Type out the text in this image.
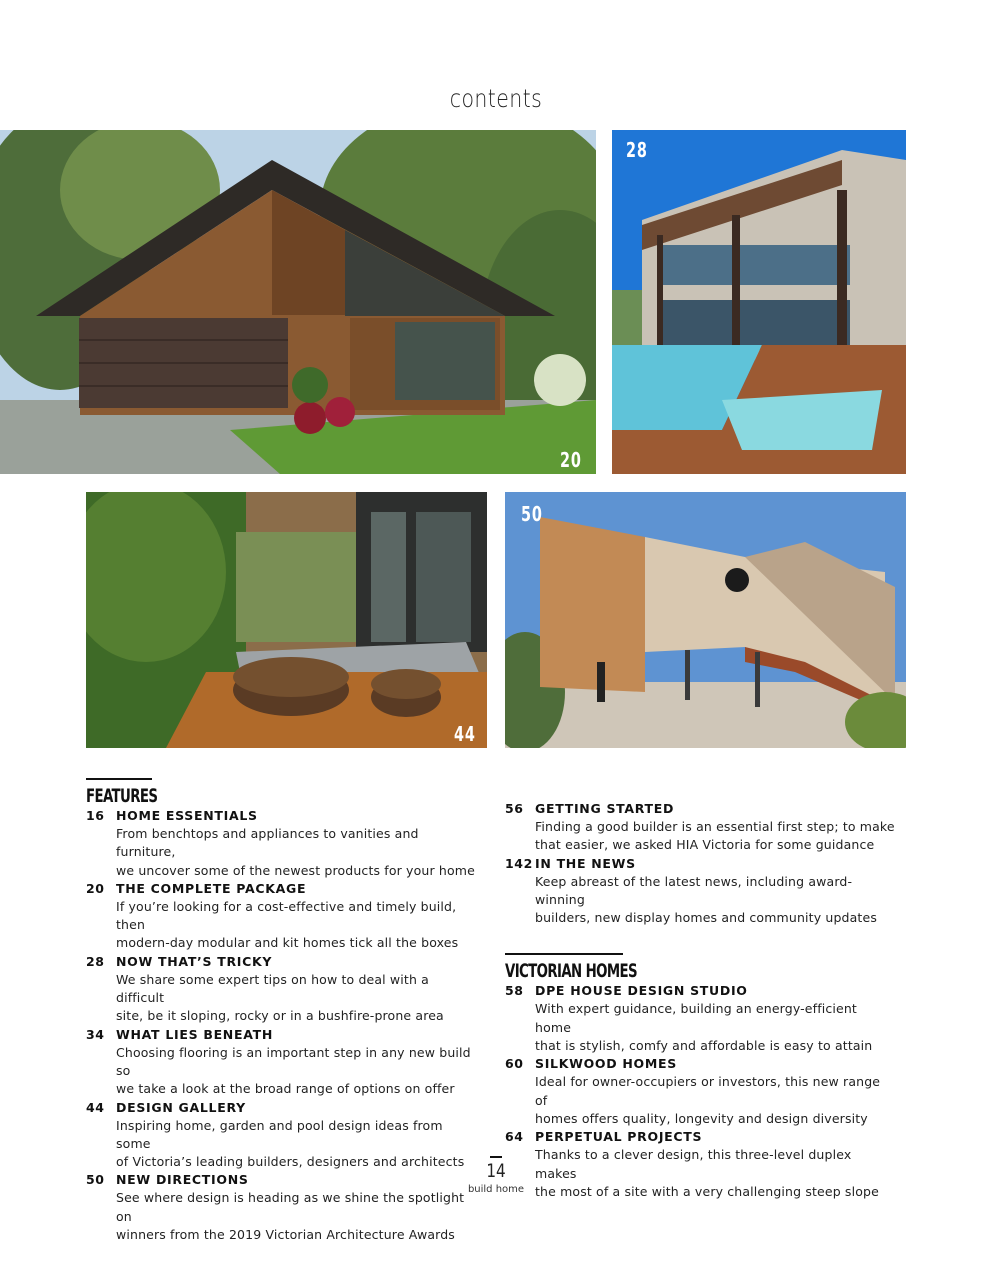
contents
20
28
44
50
FEATURES
16 HOME ESSENTIALS
From benchtops and appliances to vanities and furniture,
we uncover some of the newest products for your home
20 THE COMPLETE PACKAGE
If you’re looking for a cost-effective and timely build, then
modern-day modular and kit homes tick all the boxes
28 NOW THAT’S TRICKY
We share some expert tips on how to deal with a difficult
site, be it sloping, rocky or in a bushfire-prone area
34 WHAT LIES BENEATH
Choosing flooring is an important step in any new build so
we take a look at the broad range of options on offer
44 DESIGN GALLERY
Inspiring home, garden and pool design ideas from some
of Victoria’s leading builders, designers and architects
50 NEW DIRECTIONS
See where design is heading as we shine the spotlight on
winners from the 2019 Victorian Architecture Awards
56 GETTING STARTED
Finding a good builder is an essential first step; to make
that easier, we asked HIA Victoria for some guidance
142 IN THE NEWS
Keep abreast of the latest news, including award-winning
builders, new display homes and community updates
VICTORIAN HOMES
58 DPE HOUSE DESIGN STUDIO
With expert guidance, building an energy-efficient home
that is stylish, comfy and affordable is easy to attain
60 SILKWOOD HOMES
Ideal for owner-occupiers or investors, this new range of
homes offers quality, longevity and design diversity
64 PERPETUAL PROJECTS
Thanks to a clever design, this three-level duplex makes
the most of a site with a very challenging steep slope
14
build home
